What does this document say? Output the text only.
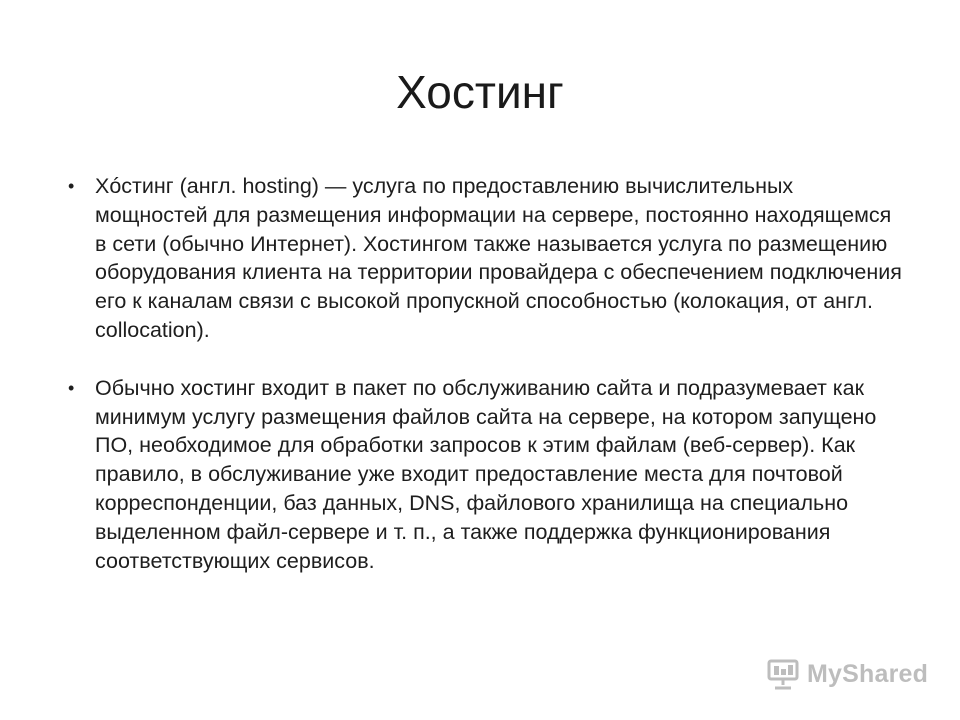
Хостинг
• Хóстинг (англ. hosting) — услуга по предоставлению вычислительных мощностей для размещения информации на сервере, постоянно находящемся в сети (обычно Интернет). Хостингом также называется услуга по размещению оборудования клиента на территории провайдера с обеспечением подключения его к каналам связи с высокой пропускной способностью (колокация, от англ. collocation).
• Обычно хостинг входит в пакет по обслуживанию сайта и подразумевает как минимум услугу размещения файлов сайта на сервере, на котором запущено ПО, необходимое для обработки запросов к этим файлам (веб-сервер). Как правило, в обслуживание уже входит предоставление места для почтовой корреспонденции, баз данных, DNS, файлового хранилища на специально выделенном файл-сервере и т. п., а также поддержка функционирования соответствующих сервисов.
MyShared
